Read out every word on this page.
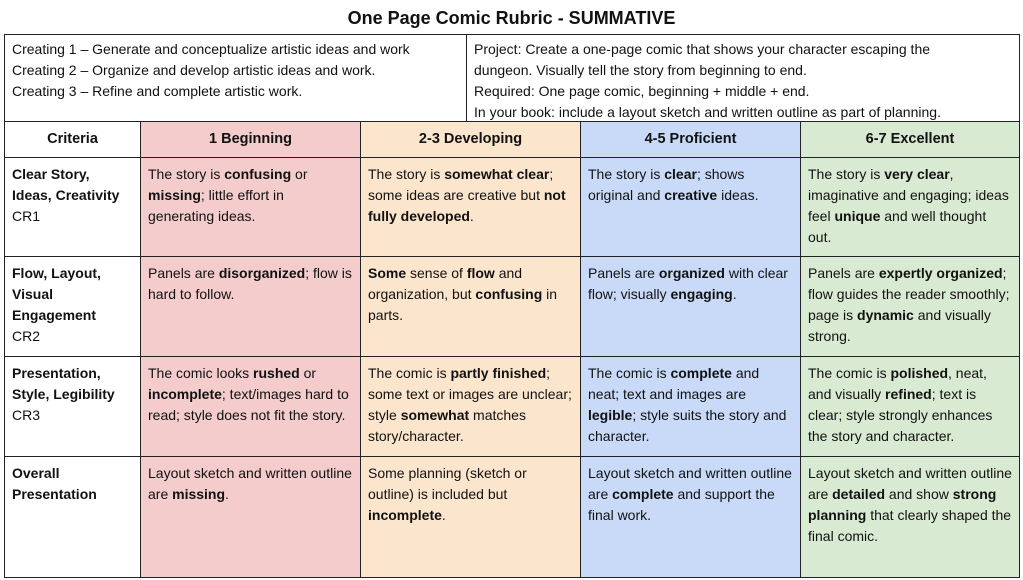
One Page Comic Rubric - SUMMATIVE
Creating 1 – Generate and conceptualize artistic ideas and work
Creating 2 – Organize and develop artistic ideas and work.
Creating 3 – Refine and complete artistic work.

Project: Create a one-page comic that shows your character escaping the
dungeon. Visually tell the story from beginning to end.
Required: One page comic, beginning + middle + end.
In your book: include a layout sketch and written outline as part of planning.
Criteria	1 Beginning	2-3 Developing	4-5 Proficient	6-7 Excellent

Clear Story, Ideas, Creativity
CR1	The story is confusing or missing; little effort in generating ideas.	The story is somewhat clear; some ideas are creative but not fully developed.	The story is clear; shows original and creative ideas.	The story is very clear, imaginative and engaging; ideas feel unique and well thought out.

Flow, Layout, Visual Engagement
CR2	Panels are disorganized; flow is hard to follow.	Some sense of flow and organization, but confusing in parts.	Panels are organized with clear flow; visually engaging.	Panels are expertly organized; flow guides the reader smoothly; page is dynamic and visually strong.

Presentation, Style, Legibility
CR3	The comic looks rushed or incomplete; text/images hard to read; style does not fit the story.	The comic is partly finished; some text or images are unclear; style somewhat matches story/character.	The comic is complete and neat; text and images are legible; style suits the story and character.	The comic is polished, neat, and visually refined; text is clear; style strongly enhances the story and character.

Overall Presentation	Layout sketch and written outline are missing.	Some planning (sketch or outline) is included but incomplete.	Layout sketch and written outline are complete and support the final work.	Layout sketch and written outline are detailed and show strong planning that clearly shaped the final comic.
